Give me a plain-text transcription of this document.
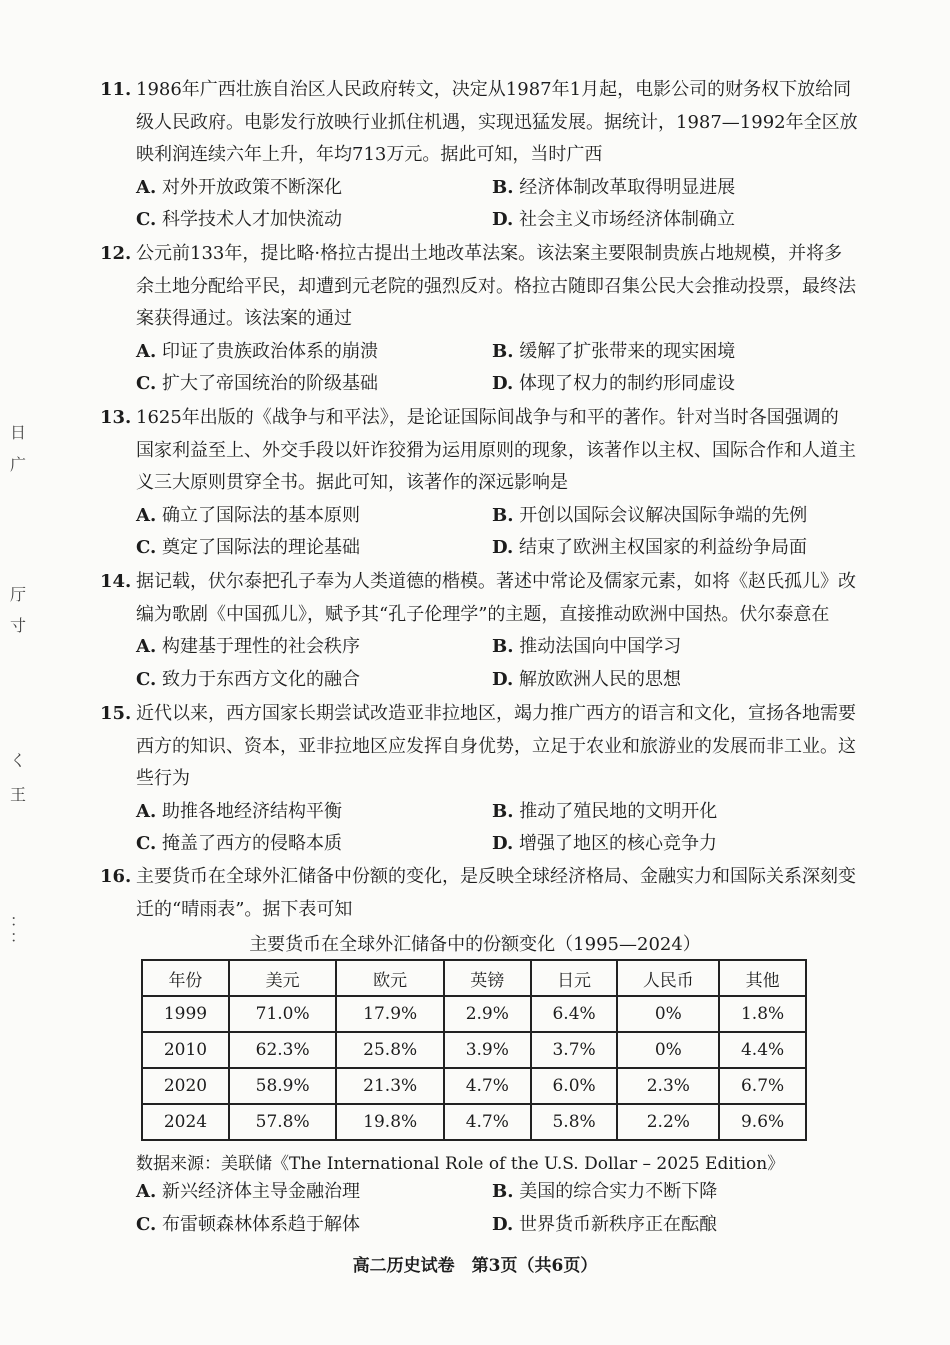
日
广
厅
寸
く
王
：
：
11. 1986年广西壮族自治区人民政府转文，决定从1987年1月起，电影公司的财务权下放给同
级人民政府。电影发行放映行业抓住机遇，实现迅猛发展。据统计，1987—1992年全区放
映利润连续六年上升，年均713万元。据此可知，当时广西
A. 对外开放政策不断深化	B. 经济体制改革取得明显进展
C. 科学技术人才加快流动	D. 社会主义市场经济体制确立
12. 公元前133年，提比略·格拉古提出土地改革法案。该法案主要限制贵族占地规模，并将多
余土地分配给平民，却遭到元老院的强烈反对。格拉古随即召集公民大会推动投票，最终法
案获得通过。该法案的通过
A. 印证了贵族政治体系的崩溃	B. 缓解了扩张带来的现实困境
C. 扩大了帝国统治的阶级基础	D. 体现了权力的制约形同虚设
13. 1625年出版的《战争与和平法》，是论证国际间战争与和平的著作。针对当时各国强调的
国家利益至上、外交手段以奸诈狡猾为运用原则的现象，该著作以主权、国际合作和人道主
义三大原则贯穿全书。据此可知，该著作的深远影响是
A. 确立了国际法的基本原则	B. 开创以国际会议解决国际争端的先例
C. 奠定了国际法的理论基础	D. 结束了欧洲主权国家的利益纷争局面
14. 据记载，伏尔泰把孔子奉为人类道德的楷模。著述中常论及儒家元素，如将《赵氏孤儿》改
编为歌剧《中国孤儿》，赋予其“孔子伦理学”的主题，直接推动欧洲中国热。伏尔泰意在
A. 构建基于理性的社会秩序	B. 推动法国向中国学习
C. 致力于东西方文化的融合	D. 解放欧洲人民的思想
15. 近代以来，西方国家长期尝试改造亚非拉地区，竭力推广西方的语言和文化，宣扬各地需要
西方的知识、资本，亚非拉地区应发挥自身优势，立足于农业和旅游业的发展而非工业。这
些行为
A. 助推各地经济结构平衡	B. 推动了殖民地的文明开化
C. 掩盖了西方的侵略本质	D. 增强了地区的核心竞争力
16. 主要货币在全球外汇储备中份额的变化，是反映全球经济格局、金融实力和国际关系深刻变
迁的“晴雨表”。据下表可知
主要货币在全球外汇储备中的份额变化（1995—2024）
年份	美元	欧元	英镑	日元	人民币	其他
1999	71.0%	17.9%	2.9%	6.4%	0%	1.8%
2010	62.3%	25.8%	3.9%	3.7%	0%	4.4%
2020	58.9%	21.3%	4.7%	6.0%	2.3%	6.7%
2024	57.8%	19.8%	4.7%	5.8%	2.2%	9.6%
数据来源：美联储《The International Role of the U.S. Dollar – 2025 Edition》
A. 新兴经济体主导金融治理	B. 美国的综合实力不断下降
C. 布雷顿森林体系趋于解体	D. 世界货币新秩序正在酝酿
高二历史试卷　第3页（共6页）
